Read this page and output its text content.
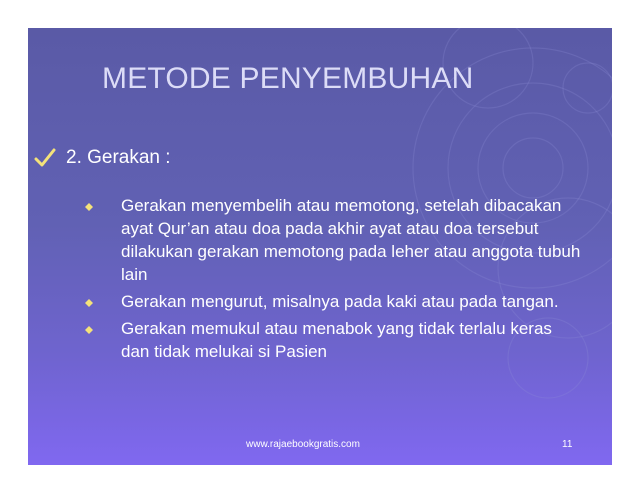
METODE PENYEMBUHAN
2. Gerakan :
Gerakan menyembelih atau memotong, setelah dibacakan ayat Qur’an atau doa pada akhir ayat atau doa tersebut dilakukan gerakan memotong pada leher atau anggota tubuh lain
Gerakan mengurut, misalnya pada kaki atau pada tangan.
Gerakan memukul atau menabok yang tidak terlalu keras dan tidak melukai si Pasien
www.rajaebookgratis.com	11
